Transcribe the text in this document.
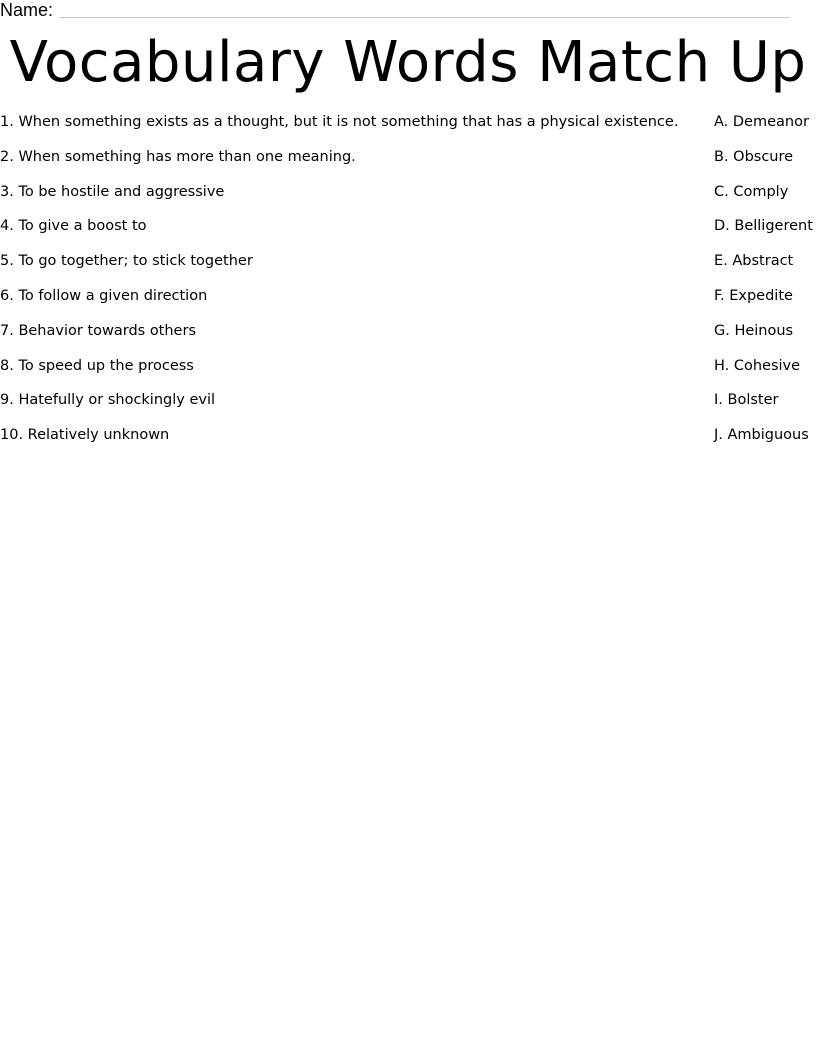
Name:
Vocabulary Words Match Up
1. When something exists as a thought, but it is not something that has a physical existence.
2. When something has more than one meaning.
3. To be hostile and aggressive
4. To give a boost to
5. To go together; to stick together
6. To follow a given direction
7. Behavior towards others
8. To speed up the process
9. Hatefully or shockingly evil
10. Relatively unknown
A. Demeanor
B. Obscure
C. Comply
D. Belligerent
E. Abstract
F. Expedite
G. Heinous
H. Cohesive
I. Bolster
J. Ambiguous
